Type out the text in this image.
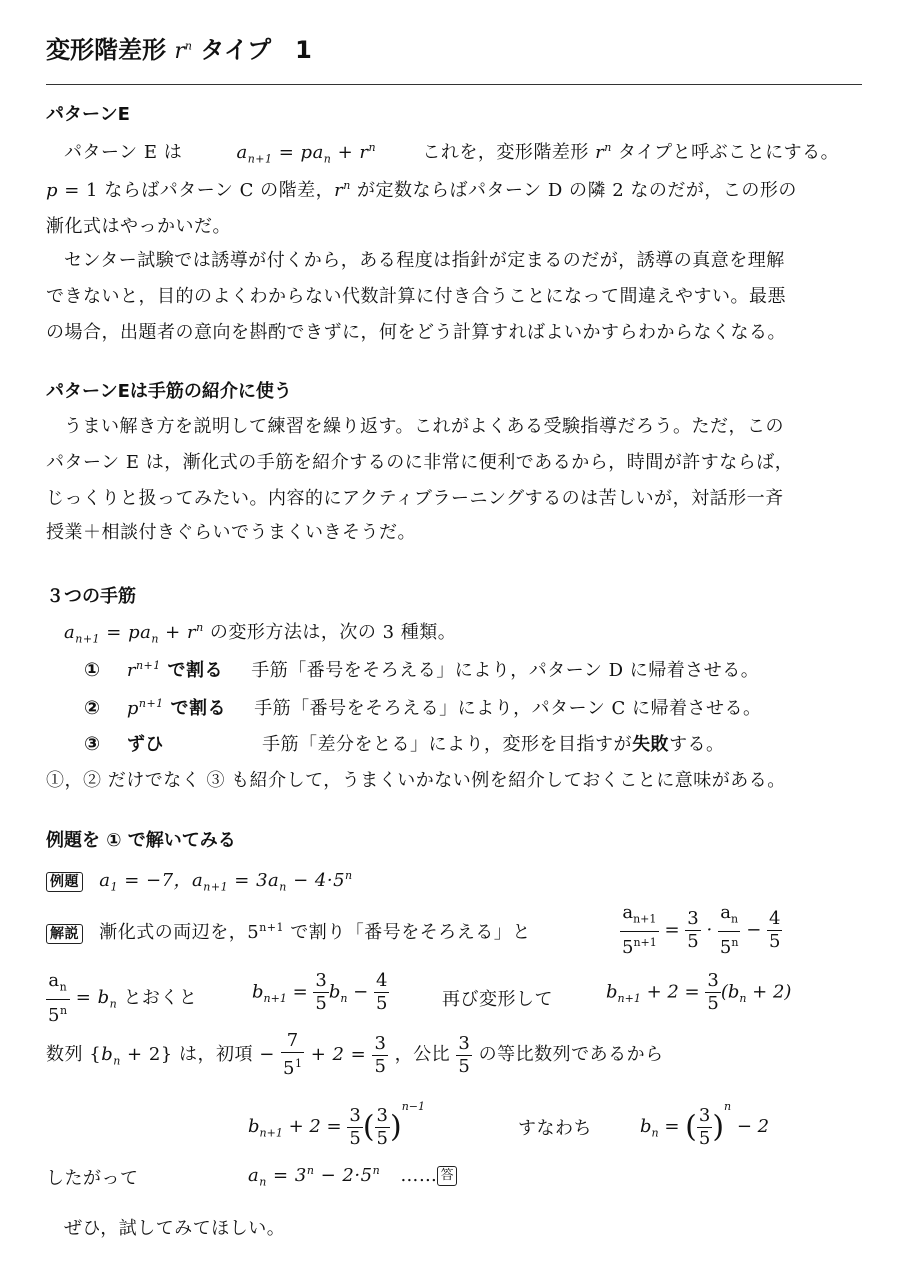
変形階差形 $r^n$ タイプ　1
パターンE
パターン E は	$a_{n+1} = pa_n + r^n$	これを，変形階差形 $r^n$ タイプと呼ぶことにする。
p = 1 ならばパターン C の階差，$r^n$ が定数ならばパターン D の隣 2 なのだが，この形の
漸化式はやっかいだ。
センター試験では誘導が付くから，ある程度は指針が定まるのだが，誘導の真意を理解
できないと，目的のよくわからない代数計算に付き合うことになって間違えやすい。最悪
の場合，出題者の意向を斟酌できずに，何をどう計算すればよいかすらわからなくなる。
パターンEは手筋の紹介に使う
うまい解き方を説明して練習を繰り返す。これがよくある受験指導だろう。ただ，この
パターン E は，漸化式の手筋を紹介するのに非常に便利であるから，時間が許すならば，
じっくりと扱ってみたい。内容的にアクティブラーニングするのは苦しいが，対話形一斉
授業＋相談付きぐらいでうまくいきそうだ。
３つの手筋
$a_{n+1} = pa_n + r^n$ の変形方法は，次の 3 種類。
① $r^{n+1}$ で割る 手筋「番号をそろえる」により，パターン D に帰着させる。
② $p^{n+1}$ で割る 手筋「番号をそろえる」により，パターン C に帰着させる。
③ ずひ	手筋「差分をとる」により，変形を目指すが失敗する。
①，② だけでなく ③ も紹介して，うまくいかない例を紹介しておくことに意味がある。
例題を ① で解いてみる
例題 $a_1 = -7$，$a_{n+1} = 3a_n - 4\cdot 5^n$
解説 漸化式の両辺を，$5^{n+1}$ で割り「番号をそろえる」と	$\frac{a_{n+1}}{5^{n+1}} = \frac{3}{5} \cdot \frac{a_n}{5^n} - \frac{4}{5}$
$\frac{a_n}{5^n} = b_n$ とおくと	$b_{n+1} = \frac{3}{5} b_n - \frac{4}{5}$	再び変形して	$b_{n+1} + 2 = \frac{3}{5} (b_n + 2)$
数列 $\{b_n + 2\}$ は，初項 − $\frac{7}{5^1} + 2 = \frac{3}{5}$ ，公比 $\frac{3}{5}$ の等比数列であるから
$b_{n+1} + 2 = \frac{3}{5}$ ( $\frac{3}{5} )^{n-1}$
すなわち	$b_n$ = ( $\frac{3}{5} )^n - 2$
したがって	$a_n = 3^n - 2\cdot 5^n$ …… 答
ぜひ，試してみてほしい。
